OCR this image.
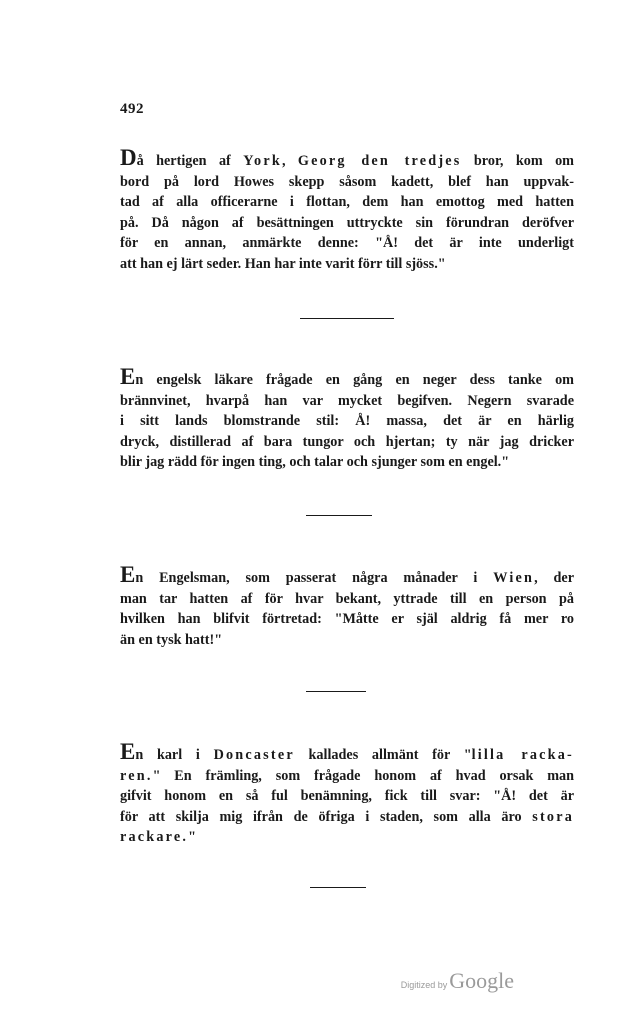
492
Då hertigen af York, Georg den tredjes bror, kom om
bord på lord Howes skepp såsom kadett, blef han uppvak-
tad af alla officerarne i flottan, dem han emottog med hatten
på. Då någon af besättningen uttryckte sin förundran deröfver
för en annan, anmärkte denne: "Å! det är inte underligt
att han ej lärt seder. Han har inte varit förr till sjöss."
En engelsk läkare frågade en gång en neger dess tanke om
brännvinet, hvarpå han var mycket begifven. Negern svarade
i sitt lands blomstrande stil: Å! massa, det är en härlig
dryck, distillerad af bara tungor och hjertan; ty när jag dricker
blir jag rädd för ingen ting, och talar och sjunger som en engel."
En Engelsman, som passerat några månader i Wien, der
man tar hatten af för hvar bekant, yttrade till en person på
hvilken han blifvit förtretad: "Måtte er själ aldrig få mer ro
än en tysk hatt!"
En karl i Doncaster kallades allmänt för "lilla racka-
ren." En främling, som frågade honom af hvad orsak man
gifvit honom en så ful benämning, fick till svar: "Å! det är
för att skilja mig ifrån de öfriga i staden, som alla äro stora
rackare."
Digitized byGoogle
